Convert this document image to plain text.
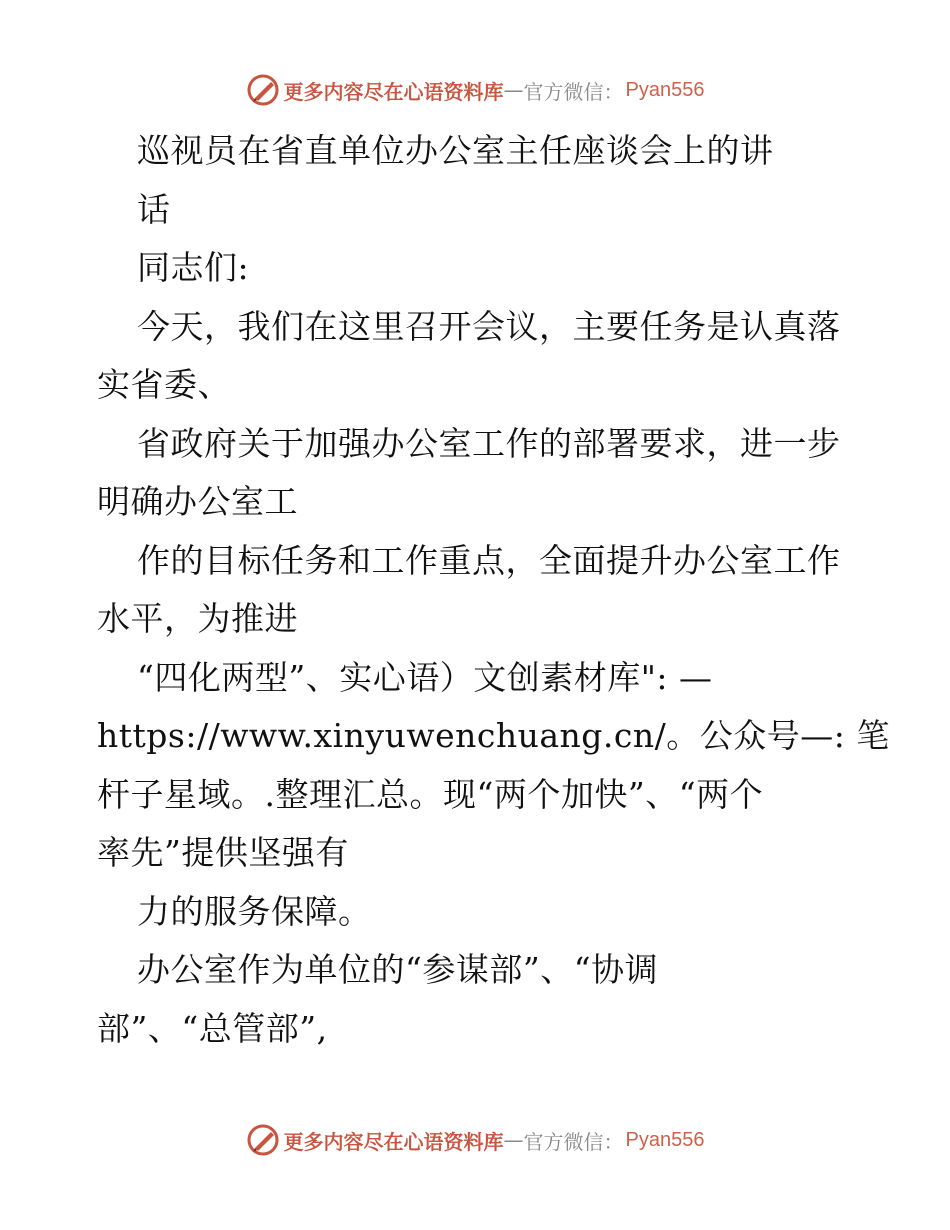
更多内容尽在心语资料库 — 官方微信： Pyan556
巡视员在省直单位办公室主任座谈会上的讲
话
同志们:
今天，我们在这里召开会议，主要任务是认真落
实省委、
省政府关于加强办公室工作的部署要求，进一步
明确办公室工
作的目标任务和工作重点，全面提升办公室工作
水平，为推进
“四化两型”、实心语）文创素材库": —
https://www.xinyuwenchuang.cn/。公众号—: 笔
杆子星域。.整理汇总。现“两个加快”、“两个
率先”提供坚强有
力的服务保障。
办公室作为单位的“参谋部”、“协调
部”、“总管部”,
更多内容尽在心语资料库 — 官方微信： Pyan556
